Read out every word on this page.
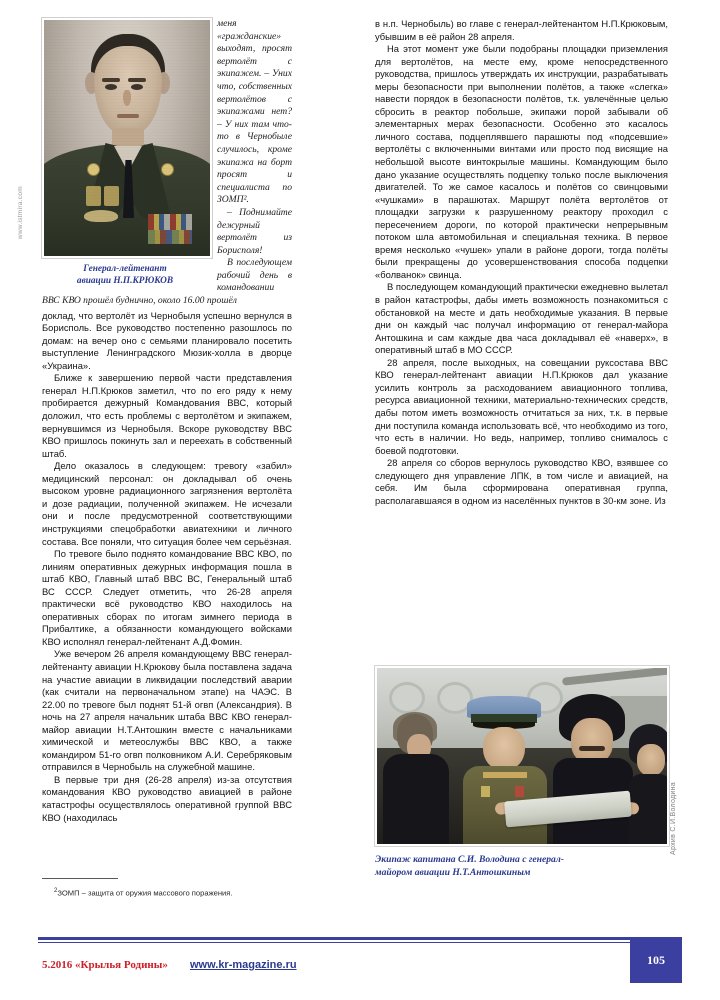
www.istmira.com
Архив С.И.Володина
Генерал-лейтенант
авиации Н.П.КРЮКОВ

меня «гражданские» выходят, просят вертолёт с экипажем. – Уних что, собственных вертолётов с экипажами нет? – У них там что-то в Чернобыле случилось, кроме экипажа на борт просят и специалиста по ЗОМП².

– Поднимайте дежурный вертолёт из Борисполя!

В последующем рабочий день в командовании ВВС КВО прошёл буднично, около 16.00 прошёл

доклад, что вертолёт из Чернобыля успешно вернулся в Борисполь. Все руководство постепенно разошлось по домам: на вечер оно с семьями планировало посетить выступление Ленинградского Мюзик-холла в дворце «Украина».

Ближе к завершению первой части представления генерал Н.П.Крюков заметил, что по его ряду к нему пробирается дежурный Командования ВВС, который доложил, что есть проблемы с вертолётом и экипажем, вернувшимся из Чернобыля. Вскоре руководству ВВС КВО пришлось покинуть зал и переехать в собственный штаб.

Дело оказалось в следующем: тревогу «забил» медицинский персонал: он докладывал об очень высоком уровне радиационного загрязнения вертолёта и дозе радиации, полученной экипажем. Не исчезали они и после предусмотренной соответствующими инструкциями спецобработки авиатехники и личного состава. Все поняли, что ситуация более чем серьёзная.

По тревоге было поднято командование ВВС КВО, по линиям оперативных дежурных информация пошла в штаб КВО, Главный штаб ВВС ВС, Генеральный штаб ВС СССР. Следует отметить, что 26-28 апреля практически всё руководство КВО находилось на оперативных сборах по итогам зимнего периода в Прибалтике, а обязанности командующего войсками КВО исполнял генерал-лейтенант А.Д.Фомин.

Уже вечером 26 апреля командующему ВВС генерал-лейтенанту авиации Н.Крюкову была поставлена задача на участие авиации в ликвидации последствий аварии (как считали на первоначальном этапе) на ЧАЭС. В 22.00 по тревоге был поднят 51-й огвп (Александрия). В ночь на 27 апреля начальник штаба ВВС КВО генерал-майор авиации Н.Т.Антошкин вместе с начальниками химической и метеослужбы ВВС КВО, а также командиром 51-го огвп полковником А.И. Серебряковым отправился в Чернобыль на служебной машине.

В первые три дня (26-28 апреля) из-за отсутствия командования КВО руководство авиацией в районе катастрофы осуществлялось оперативной группой ВВС КВО (находилась

в н.п. Чернобыль) во главе с генерал-лейтенантом Н.П.Крюковым, убывшим в её район 28 апреля.

На этот момент уже были подобраны площадки приземления для вертолётов, на месте ему, кроме непосредственного руководства, пришлось утверждать их инструкции, разрабатывать меры безопасности при выполнении полётов, а также «слегка» навести порядок в безопасности полётов, т.к. увлечённые целью сбросить в реактор побольше, экипажи порой забывали об элементарных мерах безопасности. Особенно это касалось личного состава, подцеплявшего парашюты под «подсевшие» вертолёты с включенными винтами или просто под висящие на небольшой высоте винтокрылые машины. Командующим было дано указание осуществлять подцепку только после выключения двигателей. То же самое касалось и полётов со свинцовыми «чушками» в парашютах. Маршрут полёта вертолётов от площадки загрузки к разрушенному реактору проходил с пересечением дороги, по которой практически непрерывным потоком шла автомобильная и специальная техника. В первое время несколько «чушек» упали в районе дороги, тогда полёты были прекращены до усовершенствования способа подцепки «болванок» свинца.

В последующем командующий практически ежедневно вылетал в район катастрофы, дабы иметь возможность познакомиться с обстановкой на месте и дать необходимые указания. В первые дни он каждый час получал информацию от генерал-майора Антошкина и сам каждые два часа докладывал её «наверх», в оперативный штаб в МО СССР.

28 апреля, после выходных, на совещании руксостава ВВС КВО генерал-лейтенант авиации Н.П.Крюков дал указание усилить контроль за расходованием авиационного топлива, ресурса авиационной техники, материально-технических средств, дабы потом иметь возможность отчитаться за них, т.к. в первые дни поступила команда использовать всё, что необходимо из того, что есть в наличии. Но ведь, например, топливо снималось с боевой подготовки.

28 апреля со сборов вернулось руководство КВО, взявшее со следующего дня управление ЛПК, в том числе и авиацией, на себя. Им была сформирована оперативная группа, располагавшаяся в одном из населённых пунктов в 30-км зоне. Из

$^2$ЗОМП – защита от оружия массового поражения.
Экипаж капитана С.И. Володина с генерал-
майором авиации Н.Т.Антошкиным
5.2016 «Крылья Родины» www.kr-magazine.ru	105
